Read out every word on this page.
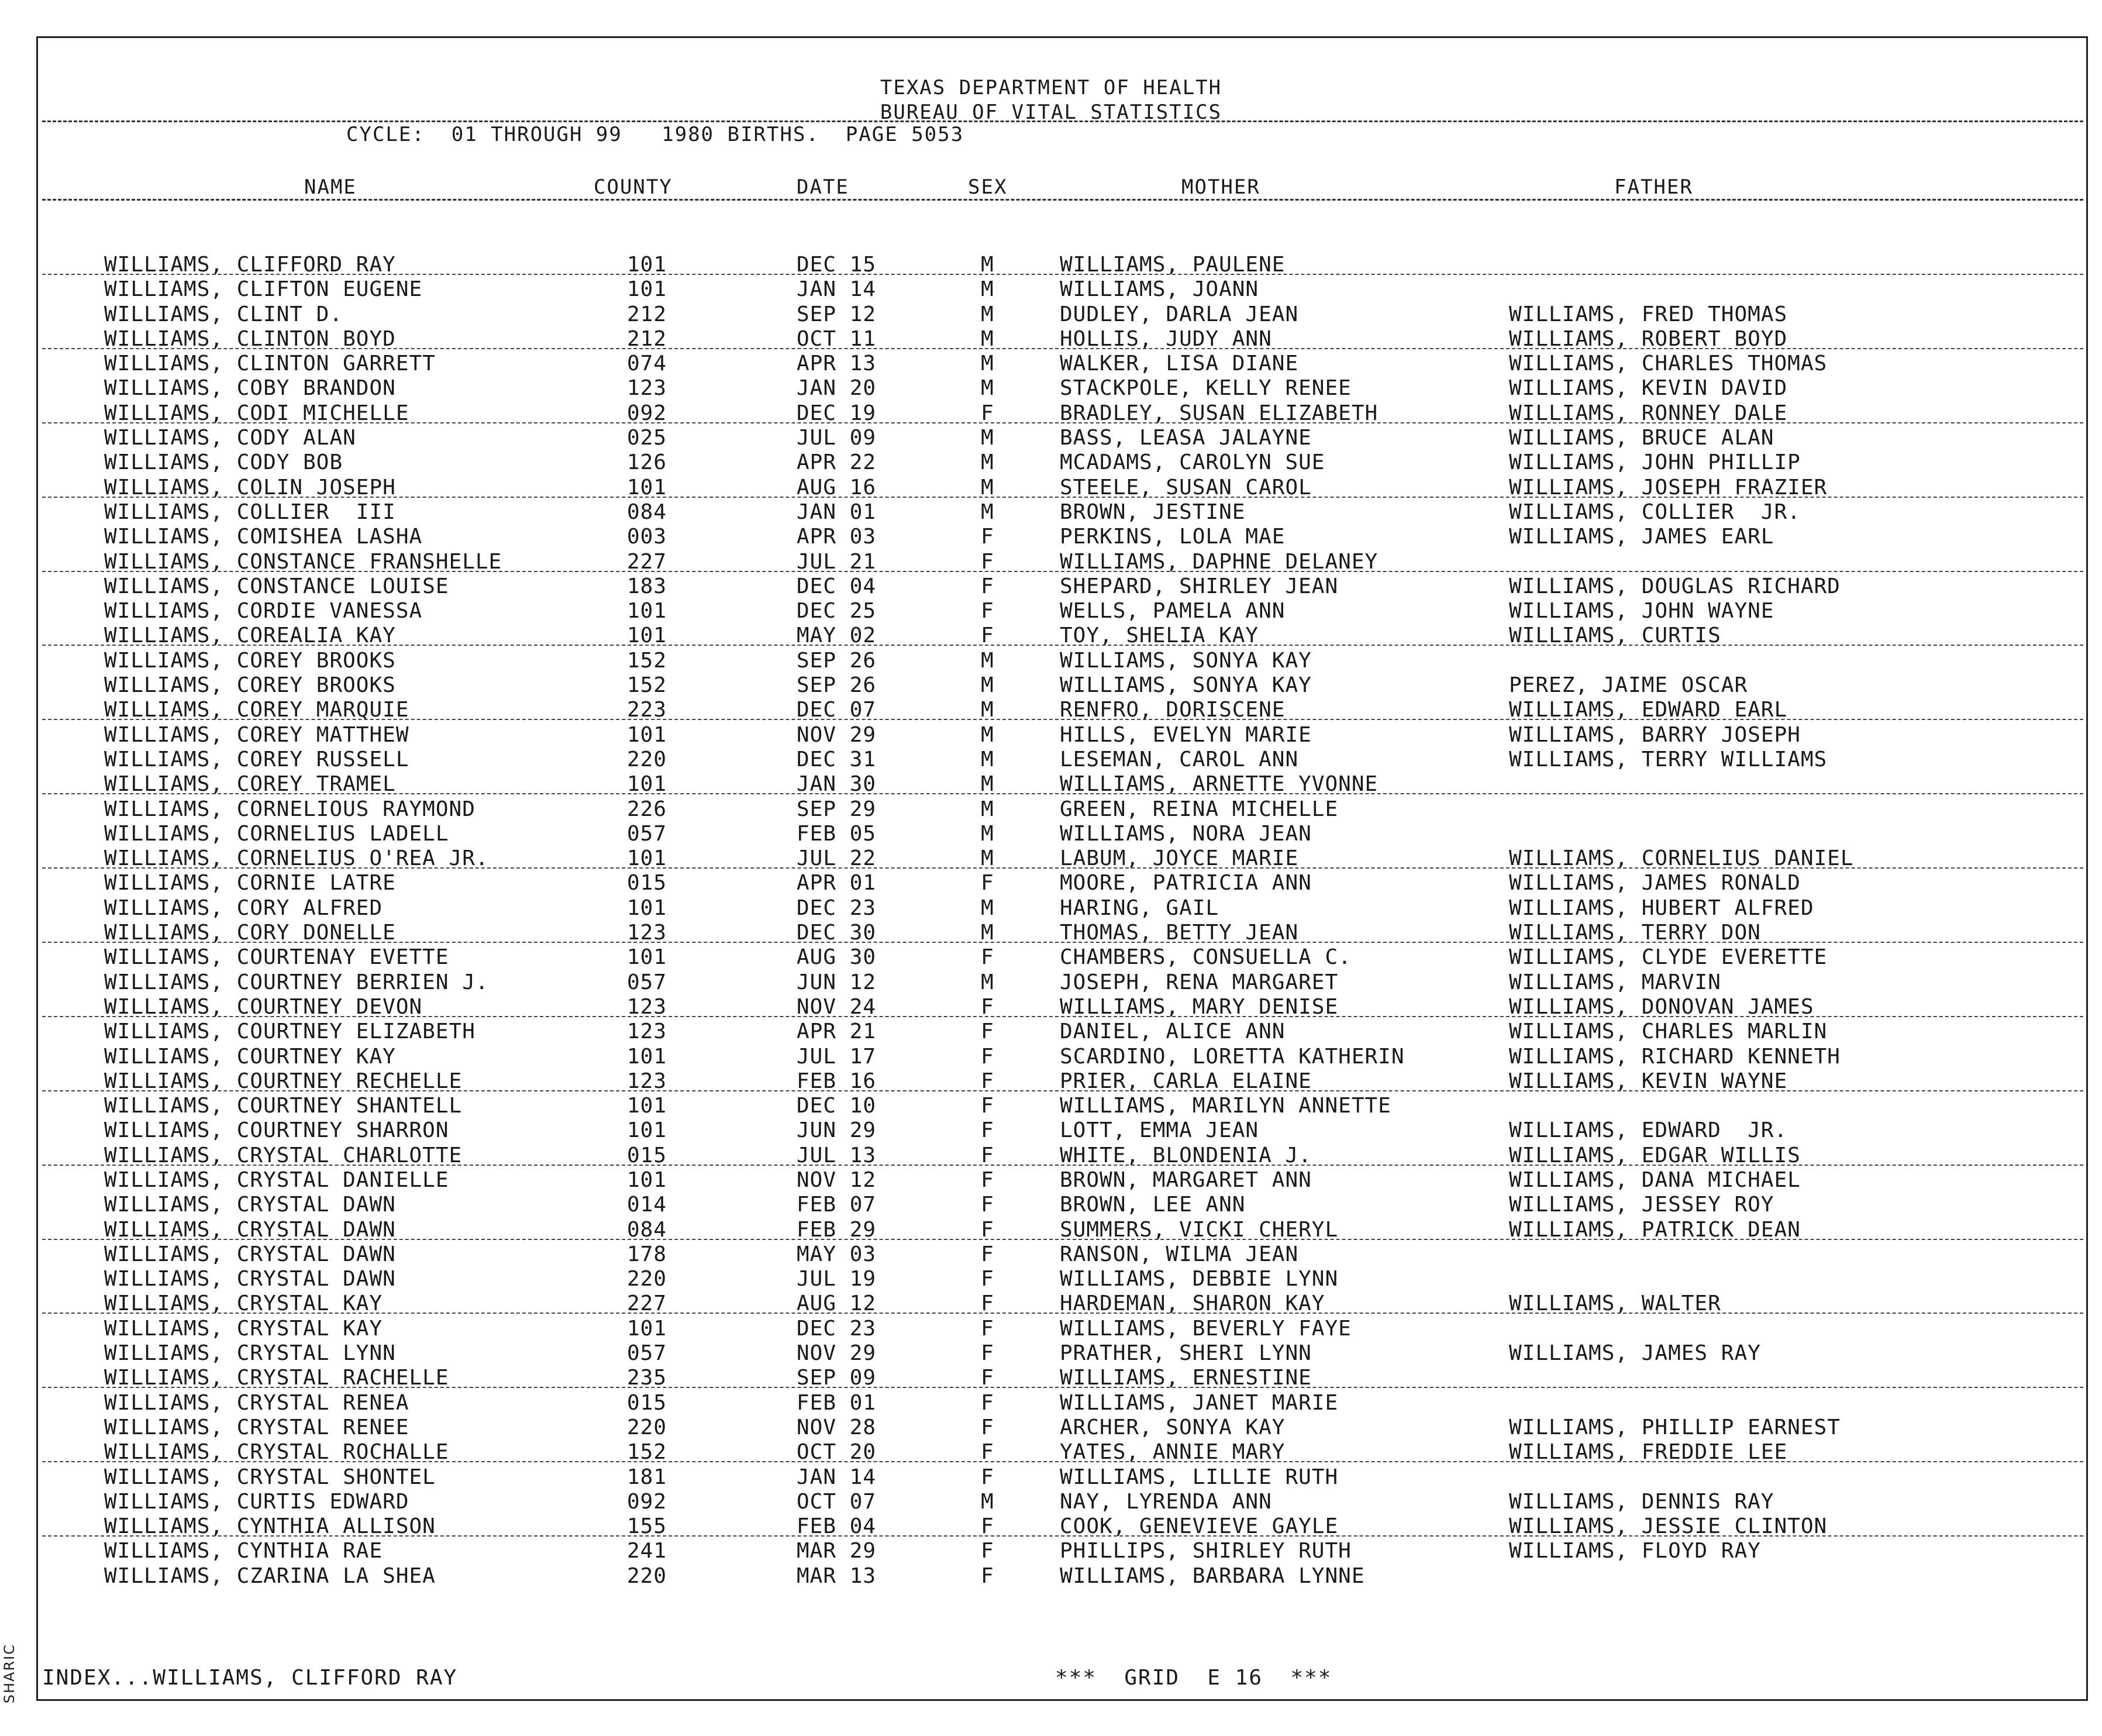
TEXAS DEPARTMENT OF HEALTH
BUREAU OF VITAL STATISTICS
CYCLE:  01 THROUGH 99   1980 BIRTHS.  PAGE 5053
NAME	COUNTY	DATE	SEX	MOTHER	FATHER
WILLIAMS, CLIFFORD RAY	101	DEC 15	M	WILLIAMS, PAULENE
WILLIAMS, CLIFTON EUGENE	101	JAN 14	M	WILLIAMS, JOANN
WILLIAMS, CLINT D.	212	SEP 12	M	DUDLEY, DARLA JEAN	WILLIAMS, FRED THOMAS
WILLIAMS, CLINTON BOYD	212	OCT 11	M	HOLLIS, JUDY ANN	WILLIAMS, ROBERT BOYD
WILLIAMS, CLINTON GARRETT	074	APR 13	M	WALKER, LISA DIANE	WILLIAMS, CHARLES THOMAS
WILLIAMS, COBY BRANDON	123	JAN 20	M	STACKPOLE, KELLY RENEE	WILLIAMS, KEVIN DAVID
WILLIAMS, CODI MICHELLE	092	DEC 19	F	BRADLEY, SUSAN ELIZABETH	WILLIAMS, RONNEY DALE
WILLIAMS, CODY ALAN	025	JUL 09	M	BASS, LEASA JALAYNE	WILLIAMS, BRUCE ALAN
WILLIAMS, CODY BOB	126	APR 22	M	MCADAMS, CAROLYN SUE	WILLIAMS, JOHN PHILLIP
WILLIAMS, COLIN JOSEPH	101	AUG 16	M	STEELE, SUSAN CAROL	WILLIAMS, JOSEPH FRAZIER
WILLIAMS, COLLIER  III	084	JAN 01	M	BROWN, JESTINE	WILLIAMS, COLLIER  JR.
WILLIAMS, COMISHEA LASHA	003	APR 03	F	PERKINS, LOLA MAE	WILLIAMS, JAMES EARL
WILLIAMS, CONSTANCE FRANSHELLE	227	JUL 21	F	WILLIAMS, DAPHNE DELANEY
WILLIAMS, CONSTANCE LOUISE	183	DEC 04	F	SHEPARD, SHIRLEY JEAN	WILLIAMS, DOUGLAS RICHARD
WILLIAMS, CORDIE VANESSA	101	DEC 25	F	WELLS, PAMELA ANN	WILLIAMS, JOHN WAYNE
WILLIAMS, COREALIA KAY	101	MAY 02	F	TOY, SHELIA KAY	WILLIAMS, CURTIS
WILLIAMS, COREY BROOKS	152	SEP 26	M	WILLIAMS, SONYA KAY
WILLIAMS, COREY BROOKS	152	SEP 26	M	WILLIAMS, SONYA KAY	PEREZ, JAIME OSCAR
WILLIAMS, COREY MARQUIE	223	DEC 07	M	RENFRO, DORISCENE	WILLIAMS, EDWARD EARL
WILLIAMS, COREY MATTHEW	101	NOV 29	M	HILLS, EVELYN MARIE	WILLIAMS, BARRY JOSEPH
WILLIAMS, COREY RUSSELL	220	DEC 31	M	LESEMAN, CAROL ANN	WILLIAMS, TERRY WILLIAMS
WILLIAMS, COREY TRAMEL	101	JAN 30	M	WILLIAMS, ARNETTE YVONNE
WILLIAMS, CORNELIOUS RAYMOND	226	SEP 29	M	GREEN, REINA MICHELLE
WILLIAMS, CORNELIUS LADELL	057	FEB 05	M	WILLIAMS, NORA JEAN
WILLIAMS, CORNELIUS O'REA JR.	101	JUL 22	M	LABUM, JOYCE MARIE	WILLIAMS, CORNELIUS DANIEL
WILLIAMS, CORNIE LATRE	015	APR 01	F	MOORE, PATRICIA ANN	WILLIAMS, JAMES RONALD
WILLIAMS, CORY ALFRED	101	DEC 23	M	HARING, GAIL	WILLIAMS, HUBERT ALFRED
WILLIAMS, CORY DONELLE	123	DEC 30	M	THOMAS, BETTY JEAN	WILLIAMS, TERRY DON
WILLIAMS, COURTENAY EVETTE	101	AUG 30	F	CHAMBERS, CONSUELLA C.	WILLIAMS, CLYDE EVERETTE
WILLIAMS, COURTNEY BERRIEN J.	057	JUN 12	M	JOSEPH, RENA MARGARET	WILLIAMS, MARVIN
WILLIAMS, COURTNEY DEVON	123	NOV 24	F	WILLIAMS, MARY DENISE	WILLIAMS, DONOVAN JAMES
WILLIAMS, COURTNEY ELIZABETH	123	APR 21	F	DANIEL, ALICE ANN	WILLIAMS, CHARLES MARLIN
WILLIAMS, COURTNEY KAY	101	JUL 17	F	SCARDINO, LORETTA KATHERIN	WILLIAMS, RICHARD KENNETH
WILLIAMS, COURTNEY RECHELLE	123	FEB 16	F	PRIER, CARLA ELAINE	WILLIAMS, KEVIN WAYNE
WILLIAMS, COURTNEY SHANTELL	101	DEC 10	F	WILLIAMS, MARILYN ANNETTE
WILLIAMS, COURTNEY SHARRON	101	JUN 29	F	LOTT, EMMA JEAN	WILLIAMS, EDWARD  JR.
WILLIAMS, CRYSTAL CHARLOTTE	015	JUL 13	F	WHITE, BLONDENIA J.	WILLIAMS, EDGAR WILLIS
WILLIAMS, CRYSTAL DANIELLE	101	NOV 12	F	BROWN, MARGARET ANN	WILLIAMS, DANA MICHAEL
WILLIAMS, CRYSTAL DAWN	014	FEB 07	F	BROWN, LEE ANN	WILLIAMS, JESSEY ROY
WILLIAMS, CRYSTAL DAWN	084	FEB 29	F	SUMMERS, VICKI CHERYL	WILLIAMS, PATRICK DEAN
WILLIAMS, CRYSTAL DAWN	178	MAY 03	F	RANSON, WILMA JEAN
WILLIAMS, CRYSTAL DAWN	220	JUL 19	F	WILLIAMS, DEBBIE LYNN
WILLIAMS, CRYSTAL KAY	227	AUG 12	F	HARDEMAN, SHARON KAY	WILLIAMS, WALTER
WILLIAMS, CRYSTAL KAY	101	DEC 23	F	WILLIAMS, BEVERLY FAYE
WILLIAMS, CRYSTAL LYNN	057	NOV 29	F	PRATHER, SHERI LYNN	WILLIAMS, JAMES RAY
WILLIAMS, CRYSTAL RACHELLE	235	SEP 09	F	WILLIAMS, ERNESTINE
WILLIAMS, CRYSTAL RENEA	015	FEB 01	F	WILLIAMS, JANET MARIE
WILLIAMS, CRYSTAL RENEE	220	NOV 28	F	ARCHER, SONYA KAY	WILLIAMS, PHILLIP EARNEST
WILLIAMS, CRYSTAL ROCHALLE	152	OCT 20	F	YATES, ANNIE MARY	WILLIAMS, FREDDIE LEE
WILLIAMS, CRYSTAL SHONTEL	181	JAN 14	F	WILLIAMS, LILLIE RUTH
WILLIAMS, CURTIS EDWARD	092	OCT 07	M	NAY, LYRENDA ANN	WILLIAMS, DENNIS RAY
WILLIAMS, CYNTHIA ALLISON	155	FEB 04	F	COOK, GENEVIEVE GAYLE	WILLIAMS, JESSIE CLINTON
WILLIAMS, CYNTHIA RAE	241	MAR 29	F	PHILLIPS, SHIRLEY RUTH	WILLIAMS, FLOYD RAY
WILLIAMS, CZARINA LA SHEA	220	MAR 13	F	WILLIAMS, BARBARA LYNNE
INDEX...WILLIAMS, CLIFFORD RAY	***  GRID  E 16  ***
SHARIC
